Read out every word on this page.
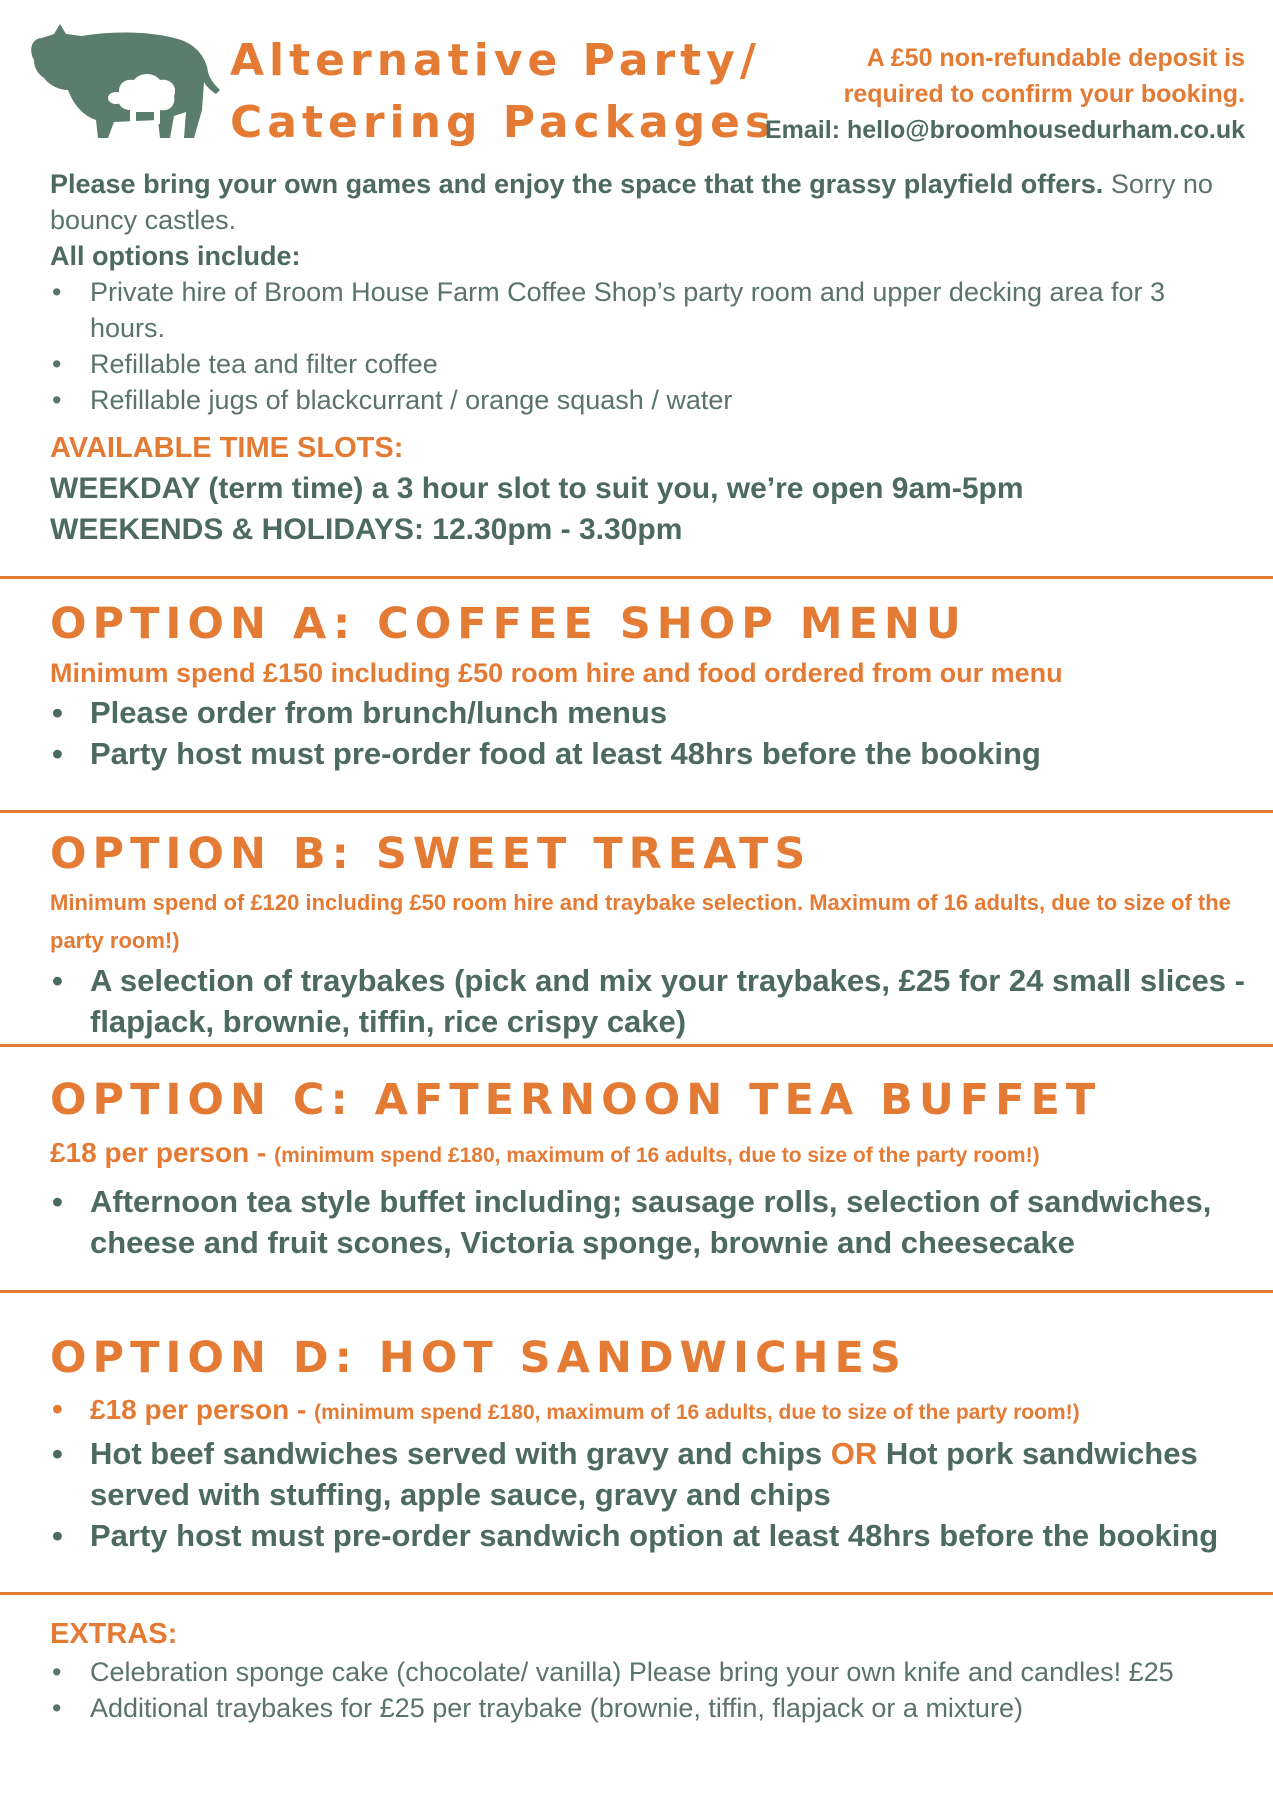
Alternative Party/
Catering Packages
A £50 non-refundable deposit is
required to confirm your booking.
Email: hello@broomhousedurham.co.uk

Please bring your own games and enjoy the space that the grassy playfield offers. Sorry no bouncy castles.

All options include:

• Private hire of Broom House Farm Coffee Shop’s party room and upper decking area for 3 hours.
• Refillable tea and filter coffee
• Refillable jugs of blackcurrant / orange squash / water

AVAILABLE TIME SLOTS:

WEEKDAY (term time) a 3 hour slot to suit you, we’re open 9am-5pm

WEEKENDS & HOLIDAYS: 12.30pm - 3.30pm

OPTION A: COFFEE SHOP MENU
Minimum spend £150 including £50 room hire and food ordered from our menu
• Please order from brunch/lunch menus
• Party host must pre-order food at least 48hrs before the booking
OPTION B: SWEET TREATS
Minimum spend of £120 including £50 room hire and traybake selection. Maximum of 16 adults, due to size of the party room!)
• A selection of traybakes (pick and mix your traybakes, £25 for 24 small slices - flapjack, brownie, tiffin, rice crispy cake)
OPTION C: AFTERNOON TEA BUFFET
£18 per person - (minimum spend £180, maximum of 16 adults, due to size of the party room!)
• Afternoon tea style buffet including; sausage rolls, selection of sandwiches, cheese and fruit scones, Victoria sponge, brownie and cheesecake
OPTION D: HOT SANDWICHES
• £18 per person - (minimum spend £180, maximum of 16 adults, due to size of the party room!)
• Hot beef sandwiches served with gravy and chips OR Hot pork sandwiches served with stuffing, apple sauce, gravy and chips
• Party host must pre-order sandwich option at least 48hrs before the booking
EXTRAS:
• Celebration sponge cake (chocolate/ vanilla) Please bring your own knife and candles! £25
• Additional traybakes for £25 per traybake (brownie, tiffin, flapjack or a mixture)
